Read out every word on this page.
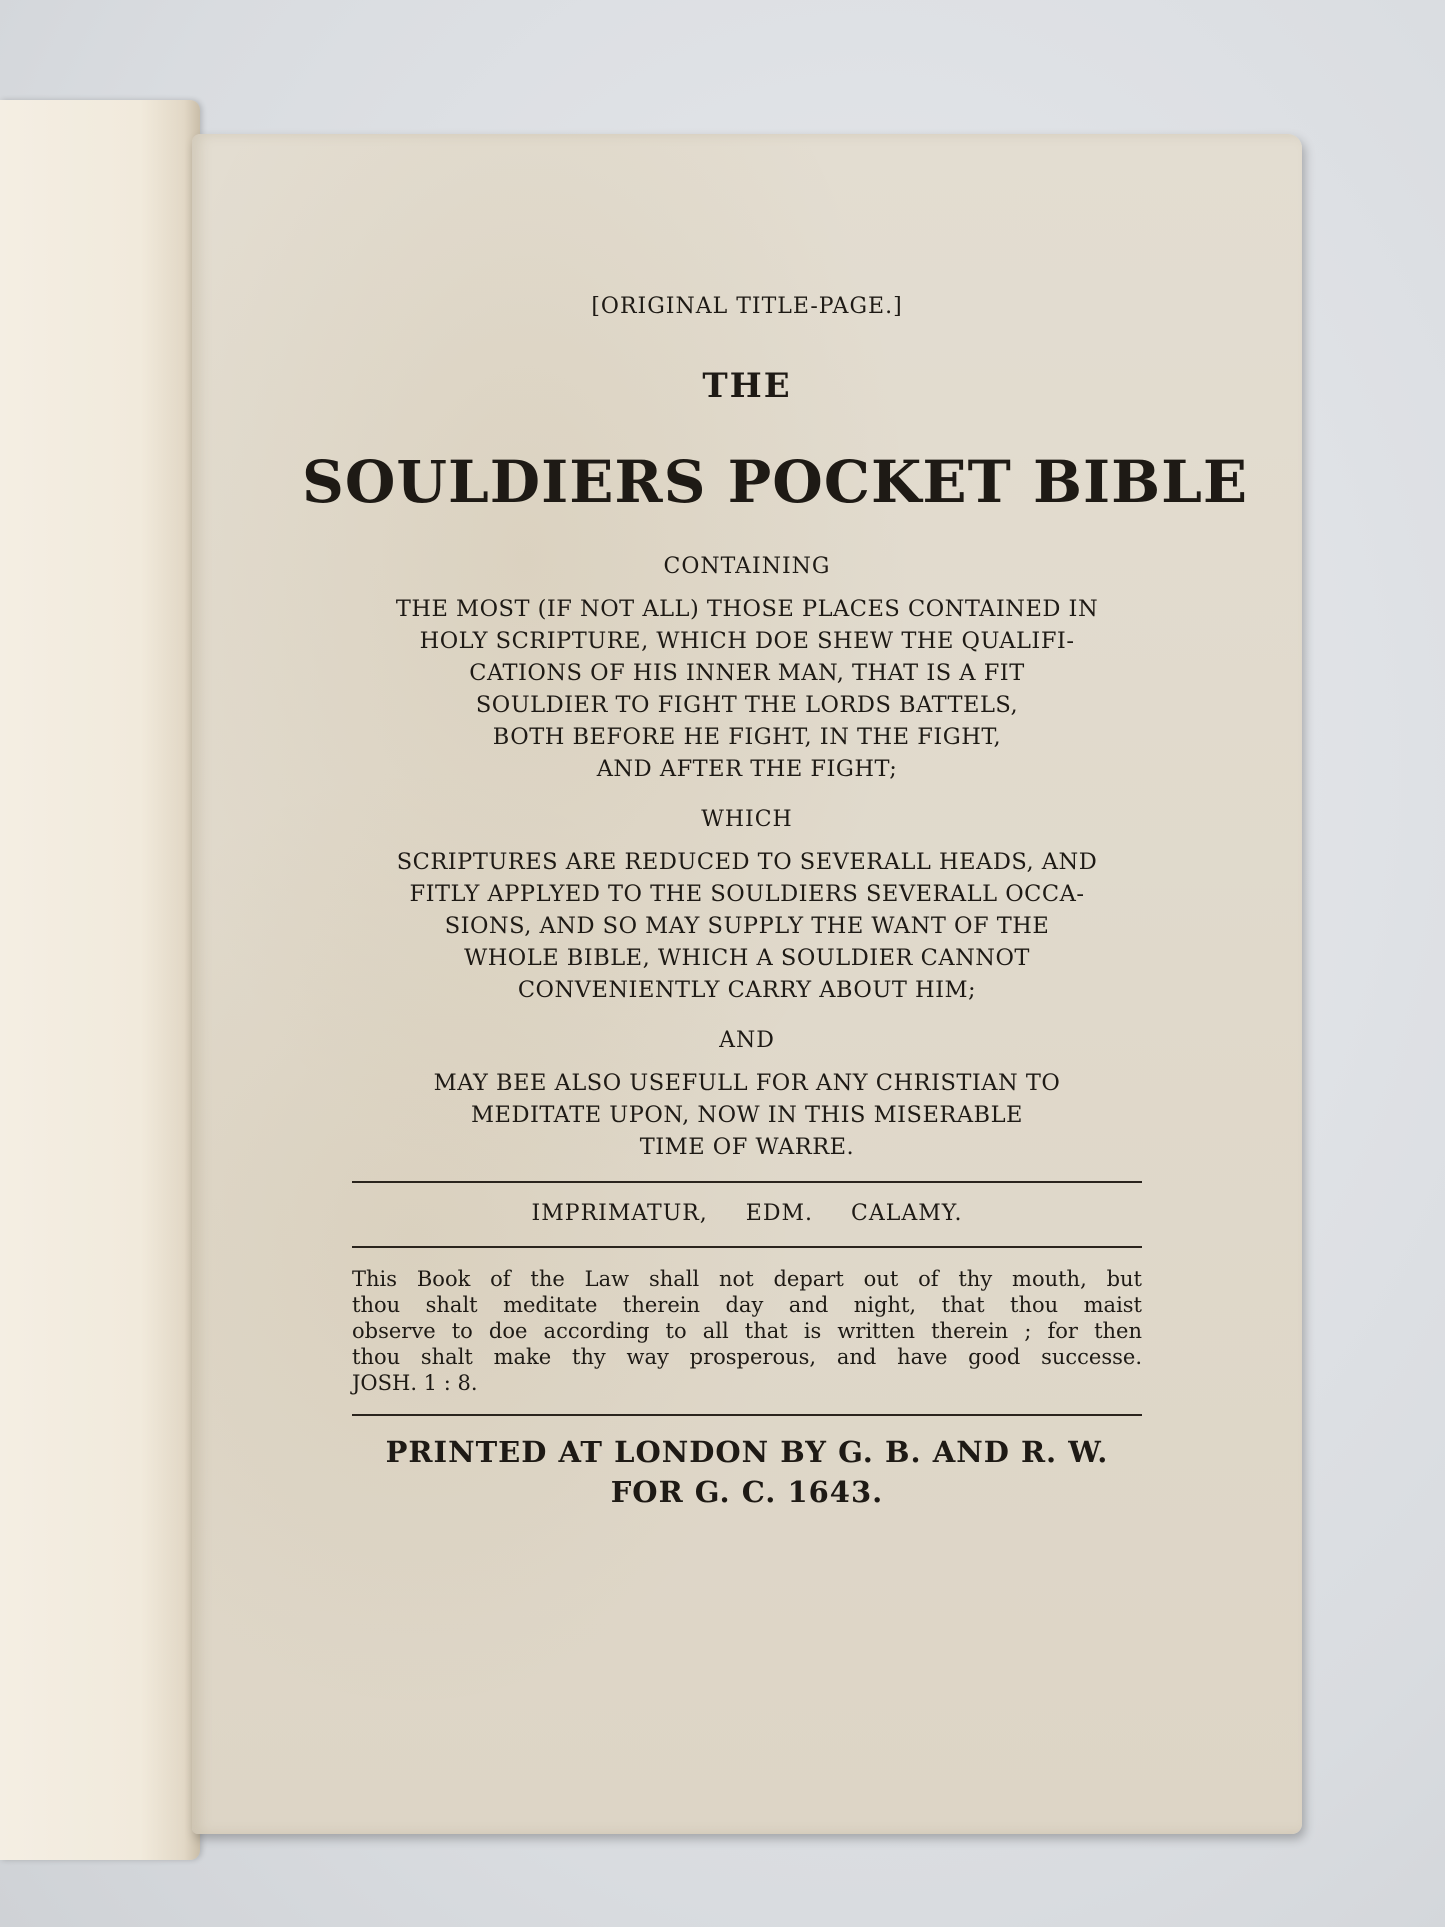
[ORIGINAL TITLE-PAGE.]

THE

SOULDIERS POCKET BIBLE

CONTAINING

THE MOST (IF NOT ALL) THOSE PLACES CONTAINED IN
HOLY SCRIPTURE, WHICH DOE SHEW THE QUALIFI-
CATIONS OF HIS INNER MAN, THAT IS A FIT
SOULDIER TO FIGHT THE LORDS BATTELS,
BOTH BEFORE HE FIGHT, IN THE FIGHT,
AND AFTER THE FIGHT;

WHICH

SCRIPTURES ARE REDUCED TO SEVERALL HEADS, AND
FITLY APPLYED TO THE SOULDIERS SEVERALL OCCA-
SIONS, AND SO MAY SUPPLY THE WANT OF THE
WHOLE BIBLE, WHICH A SOULDIER CANNOT
CONVENIENTLY CARRY ABOUT HIM;

AND

MAY BEE ALSO USEFULL FOR ANY CHRISTIAN TO
MEDITATE UPON, NOW IN THIS MISERABLE
TIME OF WARRE.

IMPRIMATUR, EDM. CALAMY.

This Book of the Law shall not depart out of thy mouth, but
thou shalt meditate therein day and night, that thou maist
observe to doe according to all that is written therein ; for then
thou shalt make thy way prosperous, and have good successe.
JOSH. 1 : 8.
PRINTED AT LONDON BY G. B. AND R. W.
FOR G. C. 1643.
